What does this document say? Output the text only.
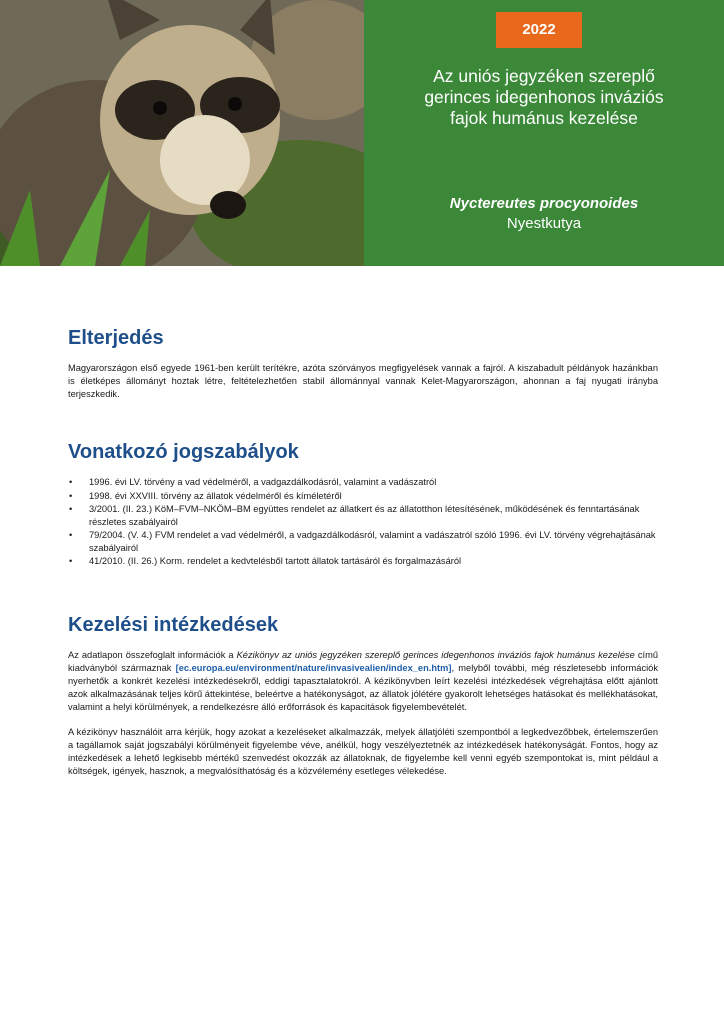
2022
Az uniós jegyzéken szereplő
gerinces idegenhonos inváziós
fajok humánus kezelése
Nyctereutes procyonoides
Nyestkutya
Elterjedés

Magyarországon első egyede 1961-ben került terítékre, azóta szórványos megfigyelések vannak a fajról. A kiszabadult példányok hazánkban is életképes állományt hoztak létre, feltételezhetően stabil állománnyal vannak Kelet-Magyarországon, ahonnan a faj nyugati irányba terjeszkedik.

Vonatkozó jogszabályok
• 1996. évi LV. törvény a vad védelméről, a vadgazdálkodásról, valamint a vadászatról
• 1998. évi XXVIII. törvény az állatok védelméről és kíméletéről
• 3/2001. (II. 23.) KöM–FVM–NKÖM–BM együttes rendelet az állatkert és az állatotthon létesítésének, működésének és fenntartásának részletes szabályairól
• 79/2004. (V. 4.) FVM rendelet a vad védelméről, a vadgazdálkodásról, valamint a vadászatról szóló 1996. évi LV. törvény végrehajtásának szabályairól
• 41/2010. (II. 26.) Korm. rendelet a kedvtelésből tartott állatok tartásáról és forgalmazásáról
Kezelési intézkedések

Az adatlapon összefoglalt információk a Kézikönyv az uniós jegyzéken szereplő gerinces idegenhonos inváziós fajok humánus kezelése című kiadványból származnak [ec.europa.eu/environment/nature/invasivealien/index_en.htm], melyből további, még részletesebb információk nyerhetők a konkrét kezelési intézkedésekről, eddigi tapasztalatokról. A kézikönyvben leírt kezelési intézkedések végrehajtása előtt ajánlott azok alkalmazásának teljes körű áttekintése, beleértve a hatékonyságot, az állatok jólétére gyakorolt lehetséges hatásokat és mellékhatásokat, valamint a helyi körülmények, a rendelkezésre álló erőforrások és kapacitások figyelembevételét.

A kézikönyv használóit arra kérjük, hogy azokat a kezeléseket alkalmazzák, melyek állatjóléti szempontból a legkedvezőbbek, értelemszerűen a tagállamok saját jogszabályi körülményeit figyelembe véve, anélkül, hogy veszélyeztetnék az intézkedések hatékonyságát. Fontos, hogy az intézkedések a lehető legkisebb mértékű szenvedést okozzák az állatoknak, de figyelembe kell venni egyéb szempontokat is, mint például a költségek, igények, hasznok, a megvalósíthatóság és a közvélemény esetleges vélekedése.
